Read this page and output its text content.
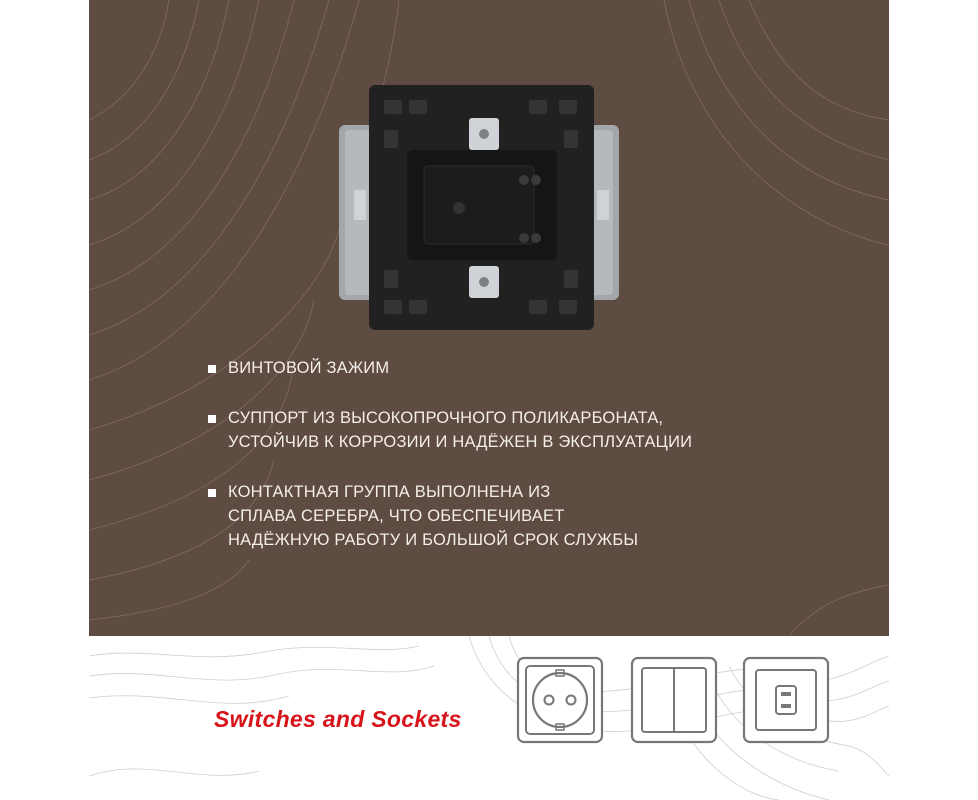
ВИНТОВОЙ ЗАЖИМ
СУППОРТ ИЗ ВЫСОКОПРОЧНОГО ПОЛИКАРБОНАТА,
УСТОЙЧИВ К КОРРОЗИИ И НАДЁЖЕН В ЭКСПЛУАТАЦИИ
КОНТАКТНАЯ ГРУППА ВЫПОЛНЕНА ИЗ
СПЛАВА СЕРЕБРА, ЧТО ОБЕСПЕЧИВАЕТ
НАДЁЖНУЮ РАБОТУ И БОЛЬШОЙ СРОК СЛУЖБЫ
Switches and Sockets
